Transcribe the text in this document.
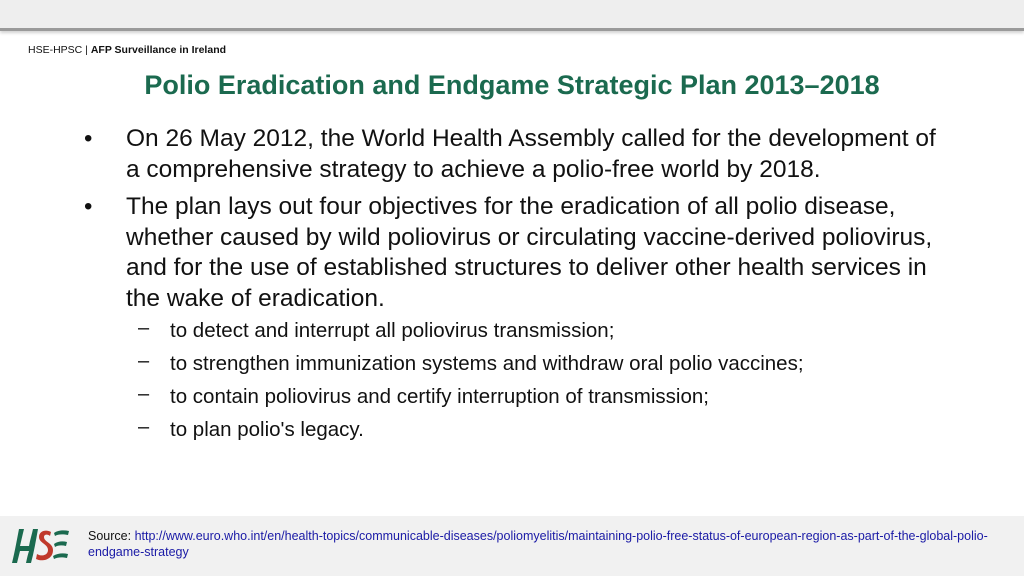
HSE-HPSC | AFP Surveillance in Ireland
Polio Eradication and Endgame Strategic Plan 2013–2018
• On 26 May 2012, the World Health Assembly called for the development of a comprehensive strategy to achieve a polio-free world by 2018.
• The plan lays out four objectives for the eradication of all polio disease, whether caused by wild poliovirus or circulating vaccine-derived poliovirus, and for the use of established structures to deliver other health services in the wake of eradication.
– to detect and interrupt all poliovirus transmission;
– to strengthen immunization systems and withdraw oral polio vaccines;
– to contain poliovirus and certify interruption of transmission;
– to plan polio's legacy.
Source: http://www.euro.who.int/en/health-topics/communicable-diseases/poliomyelitis/maintaining-polio-free-status-of-european-region-as-part-of-the-global-polio-endgame-strategy
